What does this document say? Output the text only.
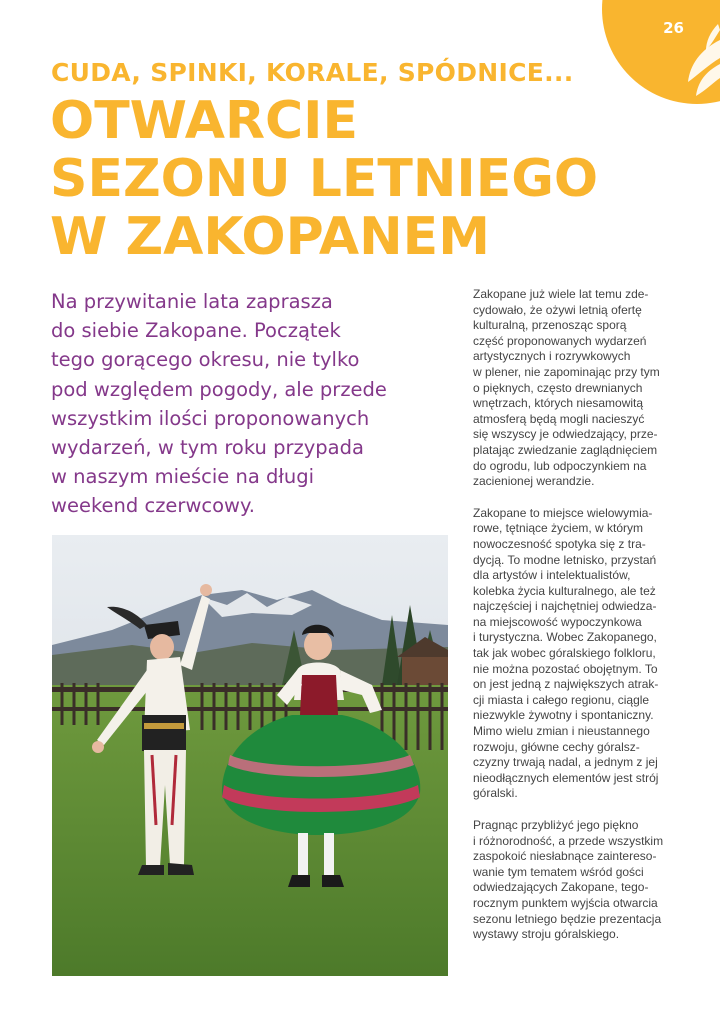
26
CUDA, SPINKI, KORALE, SPÓDNICE...
OTWARCIE
SEZONU LETNIEGO
W ZAKOPANEM

Na przywitanie lata zaprasza
do siebie Zakopane. Początek
tego gorącego okresu, nie tylko
pod względem pogody, ale przede
wszystkim ilości proponowanych
wydarzeń, w tym roku przypada
w naszym mieście na długi
weekend czerwcowy.

Zakopane już wiele lat temu zde-
cydowało, że ożywi letnią ofertę
kulturalną, przenosząc sporą
część proponowanych wydarzeń
artystycznych i rozrywkowych
w plener, nie zapominając przy tym
o pięknych, często drewnianych
wnętrzach, których niesamowitą
atmosferą będą mogli nacieszyć
się wszyscy je odwiedzający, prze-
platając zwiedzanie zaglądnięciem
do ogrodu, lub odpoczynkiem na
zacienionej werandzie.

Zakopane to miejsce wielowymia-
rowe, tętniące życiem, w którym
nowoczesność spotyka się z tra-
dycją. To modne letnisko, przystań
dla artystów i intelektualistów,
kolebka życia kulturalnego, ale też
najczęściej i najchętniej odwiedza-
na miejscowość wypoczynkowa
i turystyczna. Wobec Zakopanego,
tak jak wobec góralskiego folkloru,
nie można pozostać obojętnym. To
on jest jedną z największych atrak-
cji miasta i całego regionu, ciągle
niezwykle żywotny i spontaniczny.
Mimo wielu zmian i nieustannego
rozwoju, główne cechy góralsz-
czyzny trwają nadal, a jednym z jej
nieodłącznych elementów jest strój
góralski.

Pragnąc przybliżyć jego piękno
i różnorodność, a przede wszystkim
zaspokoić niesłabnące zaintereso-
wanie tym tematem wśród gości
odwiedzających Zakopane, tego-
rocznym punktem wyjścia otwarcia
sezonu letniego będzie prezentacja
wystawy stroju góralskiego.
